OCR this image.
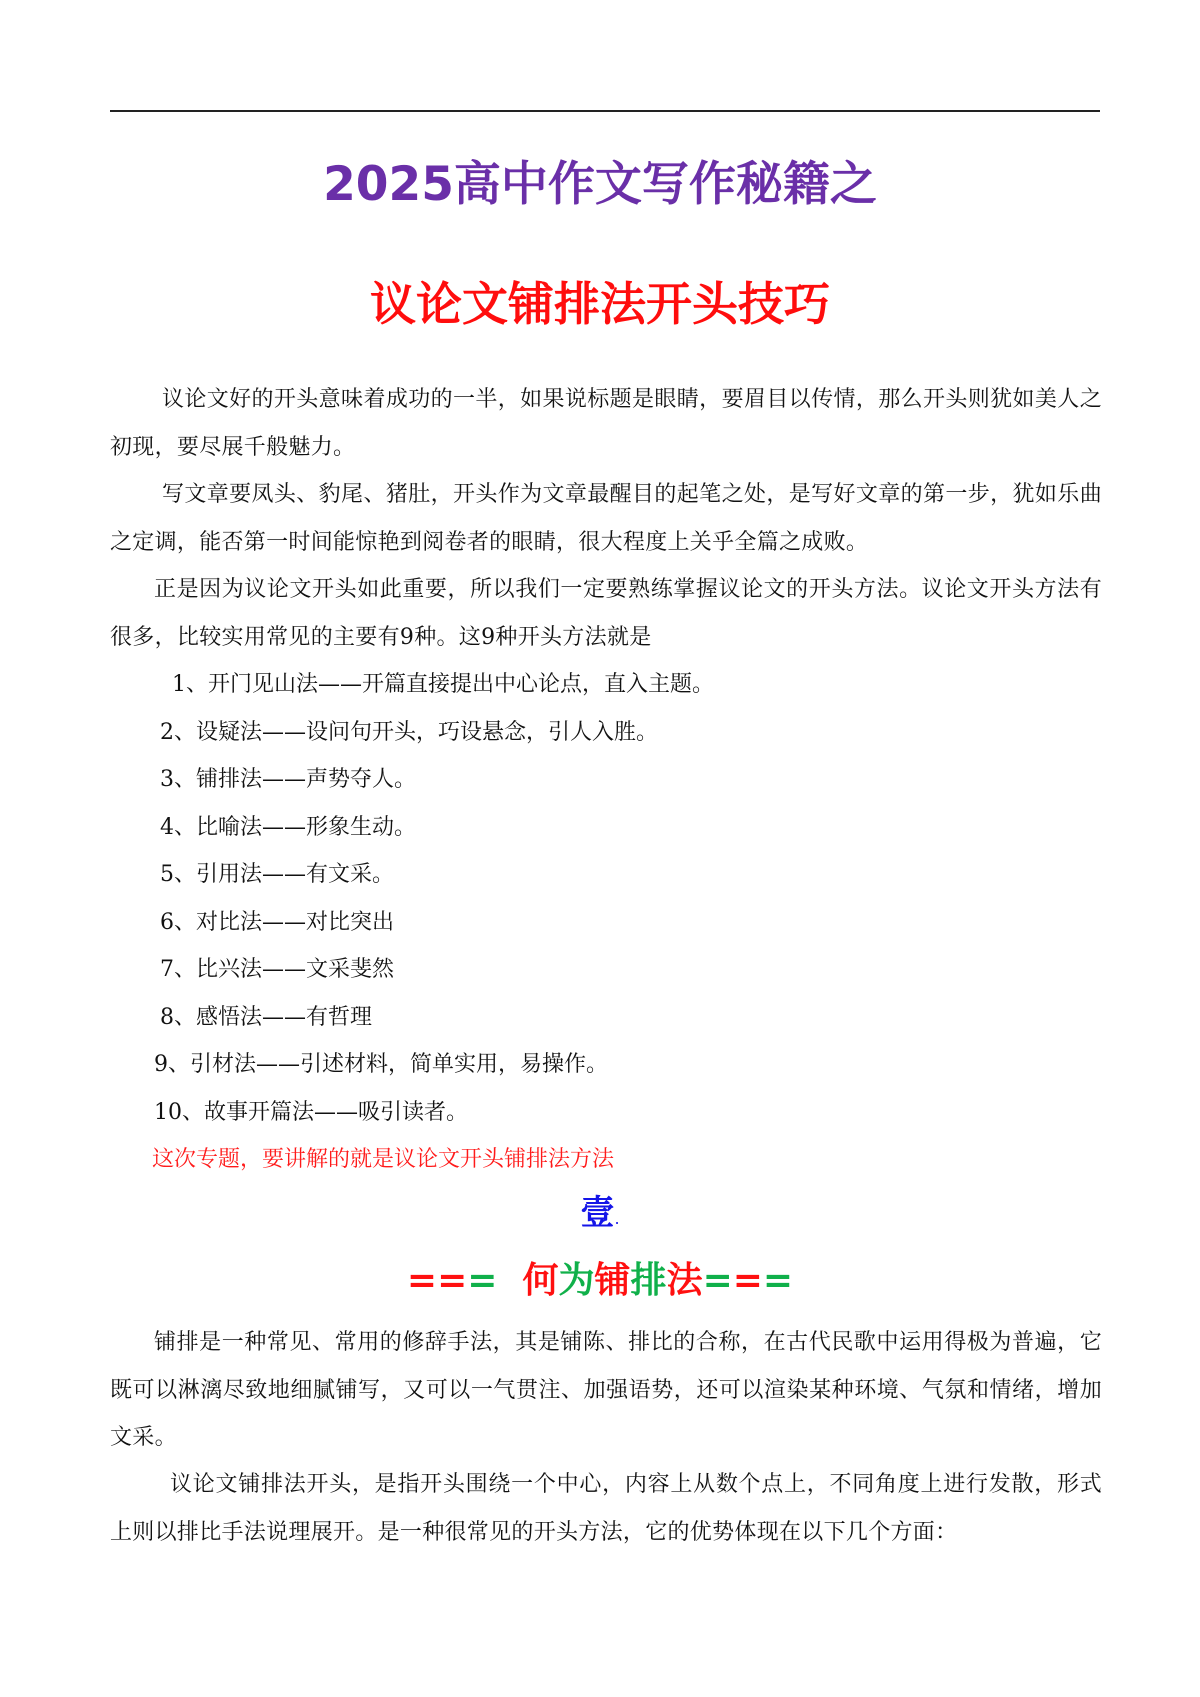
2025高中作文写作秘籍之
议论文铺排法开头技巧

议论文好的开头意味着成功的一半，如果说标题是眼睛，要眉目以传情，那么开头则犹如美人之初现，要尽展千般魅力。

写文章要凤头、豹尾、猪肚，开头作为文章最醒目的起笔之处，是写好文章的第一步，犹如乐曲之定调，能否第一时间能惊艳到阅卷者的眼睛，很大程度上关乎全篇之成败。

正是因为议论文开头如此重要，所以我们一定要熟练掌握议论文的开头方法。议论文开头方法有很多，比较实用常见的主要有9种。这9种开头方法就是

1、开门见山法——开篇直接提出中心论点，直入主题。
2、设疑法——设问句开头，巧设悬念，引人入胜。
3、铺排法——声势夺人。
4、比喻法——形象生动。
5、引用法——有文采。
6、对比法——对比突出
7、比兴法——文采斐然
8、感悟法——有哲理
9、引材法——引述材料，简单实用，易操作。
10、故事开篇法——吸引读者。
这次专题，要讲解的就是议论文开头铺排法方法
壹.
=== 何为铺排法===

铺排是一种常见、常用的修辞手法，其是铺陈、排比的合称，在古代民歌中运用得极为普遍，它既可以淋漓尽致地细腻铺写，又可以一气贯注、加强语势，还可以渲染某种环境、气氛和情绪，增加文采。

议论文铺排法开头，是指开头围绕一个中心，内容上从数个点上，不同角度上进行发散，形式上则以排比手法说理展开。是一种很常见的开头方法，它的优势体现在以下几个方面：
